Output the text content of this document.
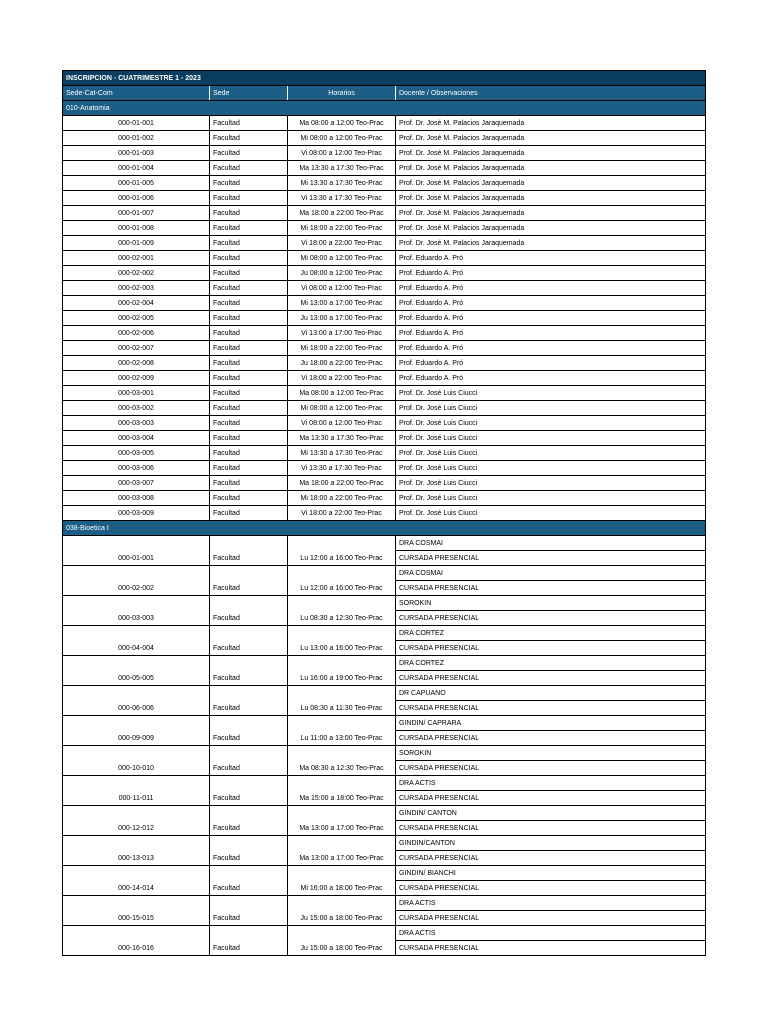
INSCRIPCION - CUATRIMESTRE 1 - 2023			
Sede-Cat-Com	Sede	Horarios	Docente / Observaciones
010-Anatomia			
000-01-001	Facultad	Ma 08:00 a 12:00 Teo-Prac	Prof. Dr. José M. Palacios Jaraquemada
000-01-002	Facultad	Mi 08:00 a 12:00 Teo-Prac	Prof. Dr. José M. Palacios Jaraquemada
000-01-003	Facultad	Vi 08:00 a 12:00 Teo-Prac	Prof. Dr. José M. Palacios Jaraquemada
000-01-004	Facultad	Ma 13:30 a 17:30 Teo-Prac	Prof. Dr. José M. Palacios Jaraquemada
000-01-005	Facultad	Mi 13:30 a 17:30 Teo-Prac	Prof. Dr. José M. Palacios Jaraquemada
000-01-006	Facultad	Vi 13:30 a 17:30 Teo-Prac	Prof. Dr. José M. Palacios Jaraquemada
000-01-007	Facultad	Ma 18:00 a 22:00 Teo-Prac	Prof. Dr. José M. Palacios Jaraquemada
000-01-008	Facultad	Mi 18:00 a 22:00 Teo-Prac	Prof. Dr. José M. Palacios Jaraquemada
000-01-009	Facultad	Vi 18:00 a 22:00 Teo-Prac	Prof. Dr. José M. Palacios Jaraquemada
000-02-001	Facultad	Mi 08:00 a 12:00 Teo-Prac	Prof. Eduardo A. Pró
000-02-002	Facultad	Ju 08:00 a 12:00 Teo-Prac	Prof. Eduardo A. Pró
000-02-003	Facultad	Vi 08:00 a 12:00 Teo-Prac	Prof. Eduardo A. Pró
000-02-004	Facultad	Mi 13:00 a 17:00 Teo-Prac	Prof. Eduardo A. Pró
000-02-005	Facultad	Ju 13:00 a 17:00 Teo-Prac	Prof. Eduardo A. Pró
000-02-006	Facultad	Vi 13:00 a 17:00 Teo-Prac	Prof. Eduardo A. Pró
000-02-007	Facultad	Mi 18:00 a 22:00 Teo-Prac	Prof. Eduardo A. Pró
000-02-008	Facultad	Ju 18:00 a 22:00 Teo-Prac	Prof. Eduardo A. Pró
000-02-009	Facultad	Vi 18:00 a 22:00 Teo-Prac	Prof. Eduardo A. Pró
000-03-001	Facultad	Ma 08:00 a 12:00 Teo-Prac	Prof. Dr. José Luis Ciucci
000-03-002	Facultad	Mi 08:00 a 12:00 Teo-Prac	Prof. Dr. José Luis Ciucci
000-03-003	Facultad	Vi 08:00 a 12:00 Teo-Prac	Prof. Dr. José Luis Ciucci
000-03-004	Facultad	Ma 13:30 a 17:30 Teo-Prac	Prof. Dr. José Luis Ciucci
000-03-005	Facultad	Mi 13:30 a 17:30 Teo-Prac	Prof. Dr. José Luis Ciucci
000-03-006	Facultad	Vi 13:30 a 17:30 Teo-Prac	Prof. Dr. José Luis Ciucci
000-03-007	Facultad	Ma 18:00 a 22:00 Teo-Prac	Prof. Dr. José Luis Ciucci
000-03-008	Facultad	Mi 18:00 a 22:00 Teo-Prac	Prof. Dr. José Luis Ciucci
000-03-009	Facultad	Vi 18:00 a 22:00 Teo-Prac	Prof. Dr. José Luis Ciucci
038-Bioetica I			
000-01-001	Facultad	Lu 12:00 a 16:00 Teo-Prac	DRA COSMAI
			CURSADA PRESENCIAL
000-02-002	Facultad	Lu 12:00 a 16:00 Teo-Prac	DRA COSMAI
			CURSADA PRESENCIAL
000-03-003	Facultad	Lu 08:30 a 12:30 Teo-Prac	SOROKIN
			CURSADA PRESENCIAL
000-04-004	Facultad	Lu 13:00 a 16:00 Teo-Prac	DRA CORTEZ
			CURSADA PRESENCIAL
000-05-005	Facultad	Lu 16:00 a 19:00 Teo-Prac	DRA CORTEZ
			CURSADA PRESENCIAL
000-06-006	Facultad	Lu 08:30 a 11:30 Teo-Prac	DR CAPUANO
			CURSADA PRESENCIAL
000-09-009	Facultad	Lu 11:00 a 13:00 Teo-Prac	GINDIN/ CAPRARA
			CURSADA PRESENCIAL
000-10-010	Facultad	Ma 08:30 a 12:30 Teo-Prac	SOROKIN
			CURSADA PRESENCIAL
000-11-011	Facultad	Ma 15:00 a 18:00 Teo-Prac	DRA ACTIS
			CURSADA PRESENCIAL
000-12-012	Facultad	Ma 13:00 a 17:00 Teo-Prac	GINDIN/ CANTON
			CURSADA PRESENCIAL
000-13-013	Facultad	Ma 13:00 a 17:00 Teo-Prac	GINDIN/CANTON
			CURSADA PRESENCIAL
000-14-014	Facultad	Mi 16:00 a 18:00 Teo-Prac	GINDIN/ BIANCHI
			CURSADA PRESENCIAL
000-15-015	Facultad	Ju 15:00 a 18:00 Teo-Prac	DRA ACTIS
			CURSADA PRESENCIAL
000-16-016	Facultad	Ju 15:00 a 18:00 Teo-Prac	DRA ACTIS
			CURSADA PRESENCIAL
